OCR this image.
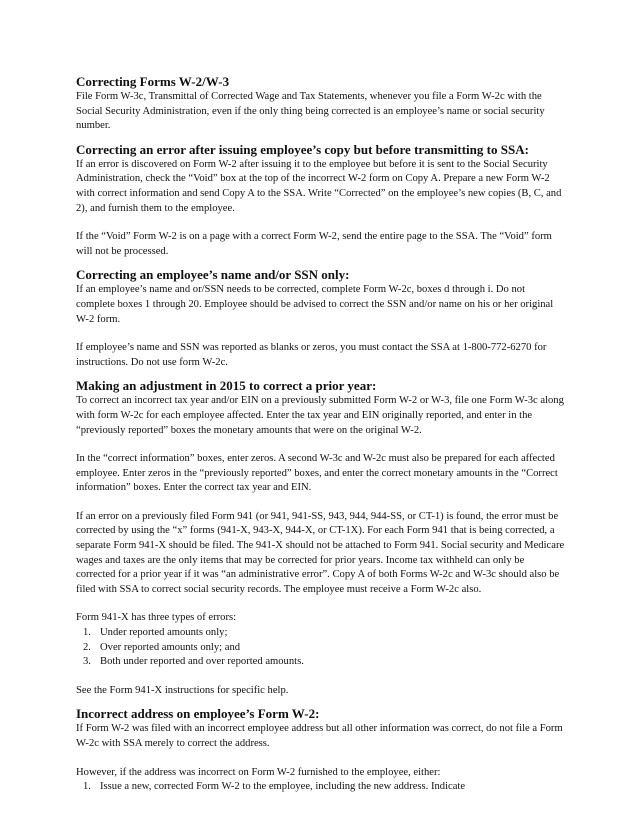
Correcting Forms W-2/W-3

File Form W-3c, Transmittal of Corrected Wage and Tax Statements, whenever you file a Form W-2c with the Social Security Administration, even if the only thing being corrected is an employee’s name or social security number.

Correcting an error after issuing employee’s copy but before transmitting to SSA:

If an error is discovered on Form W-2 after issuing it to the employee but before it is sent to the Social Security Administration, check the “Void” box at the top of the incorrect W-2 form on Copy A. Prepare a new Form W-2 with correct information and send Copy A to the SSA. Write “Corrected” on the employee’s new copies (B, C, and 2), and furnish them to the employee.

If the “Void” Form W-2 is on a page with a correct Form W-2, send the entire page to the SSA. The “Void” form will not be processed.

Correcting an employee’s name and/or SSN only:

If an employee’s name and or/SSN needs to be corrected, complete Form W-2c, boxes d through i. Do not complete boxes 1 through 20. Employee should be advised to correct the SSN and/or name on his or her original W-2 form.

If employee’s name and SSN was reported as blanks or zeros, you must contact the SSA at 1-800-772-6270 for instructions. Do not use form W-2c.

Making an adjustment in 2015 to correct a prior year:

To correct an incorrect tax year and/or EIN on a previously submitted Form W-2 or W-3, file one Form W-3c along with form W-2c for each employee affected. Enter the tax year and EIN originally reported, and enter in the “previously reported” boxes the monetary amounts that were on the original W-2.

In the “correct information” boxes, enter zeros. A second W-3c and W-2c must also be prepared for each affected employee. Enter zeros in the “previously reported” boxes, and enter the correct monetary amounts in the “Correct information” boxes. Enter the correct tax year and EIN.

If an error on a previously filed Form 941 (or 941, 941-SS, 943, 944, 944-SS, or CT-1) is found, the error must be corrected by using the “x” forms (941-X, 943-X, 944-X, or CT-1X). For each Form 941 that is being corrected, a separate Form 941-X should be filed. The 941-X should not be attached to Form 941. Social security and Medicare wages and taxes are the only items that may be corrected for prior years. Income tax withheld can only be corrected for a prior year if it was “an administrative error”. Copy A of both Forms W-2c and W-3c should also be filed with SSA to correct social security records. The employee must receive a Form W-2c also.

Form 941-X has three types of errors:

1. Under reported amounts only;
2. Over reported amounts only; and
3. Both under reported and over reported amounts.

See the Form 941-X instructions for specific help.

Incorrect address on employee’s Form W-2:

If Form W-2 was filed with an incorrect employee address but all other information was correct, do not file a Form W-2c with SSA merely to correct the address.

However, if the address was incorrect on Form W-2 furnished to the employee, either:

1. Issue a new, corrected Form W-2 to the employee, including the new address. Indicate
